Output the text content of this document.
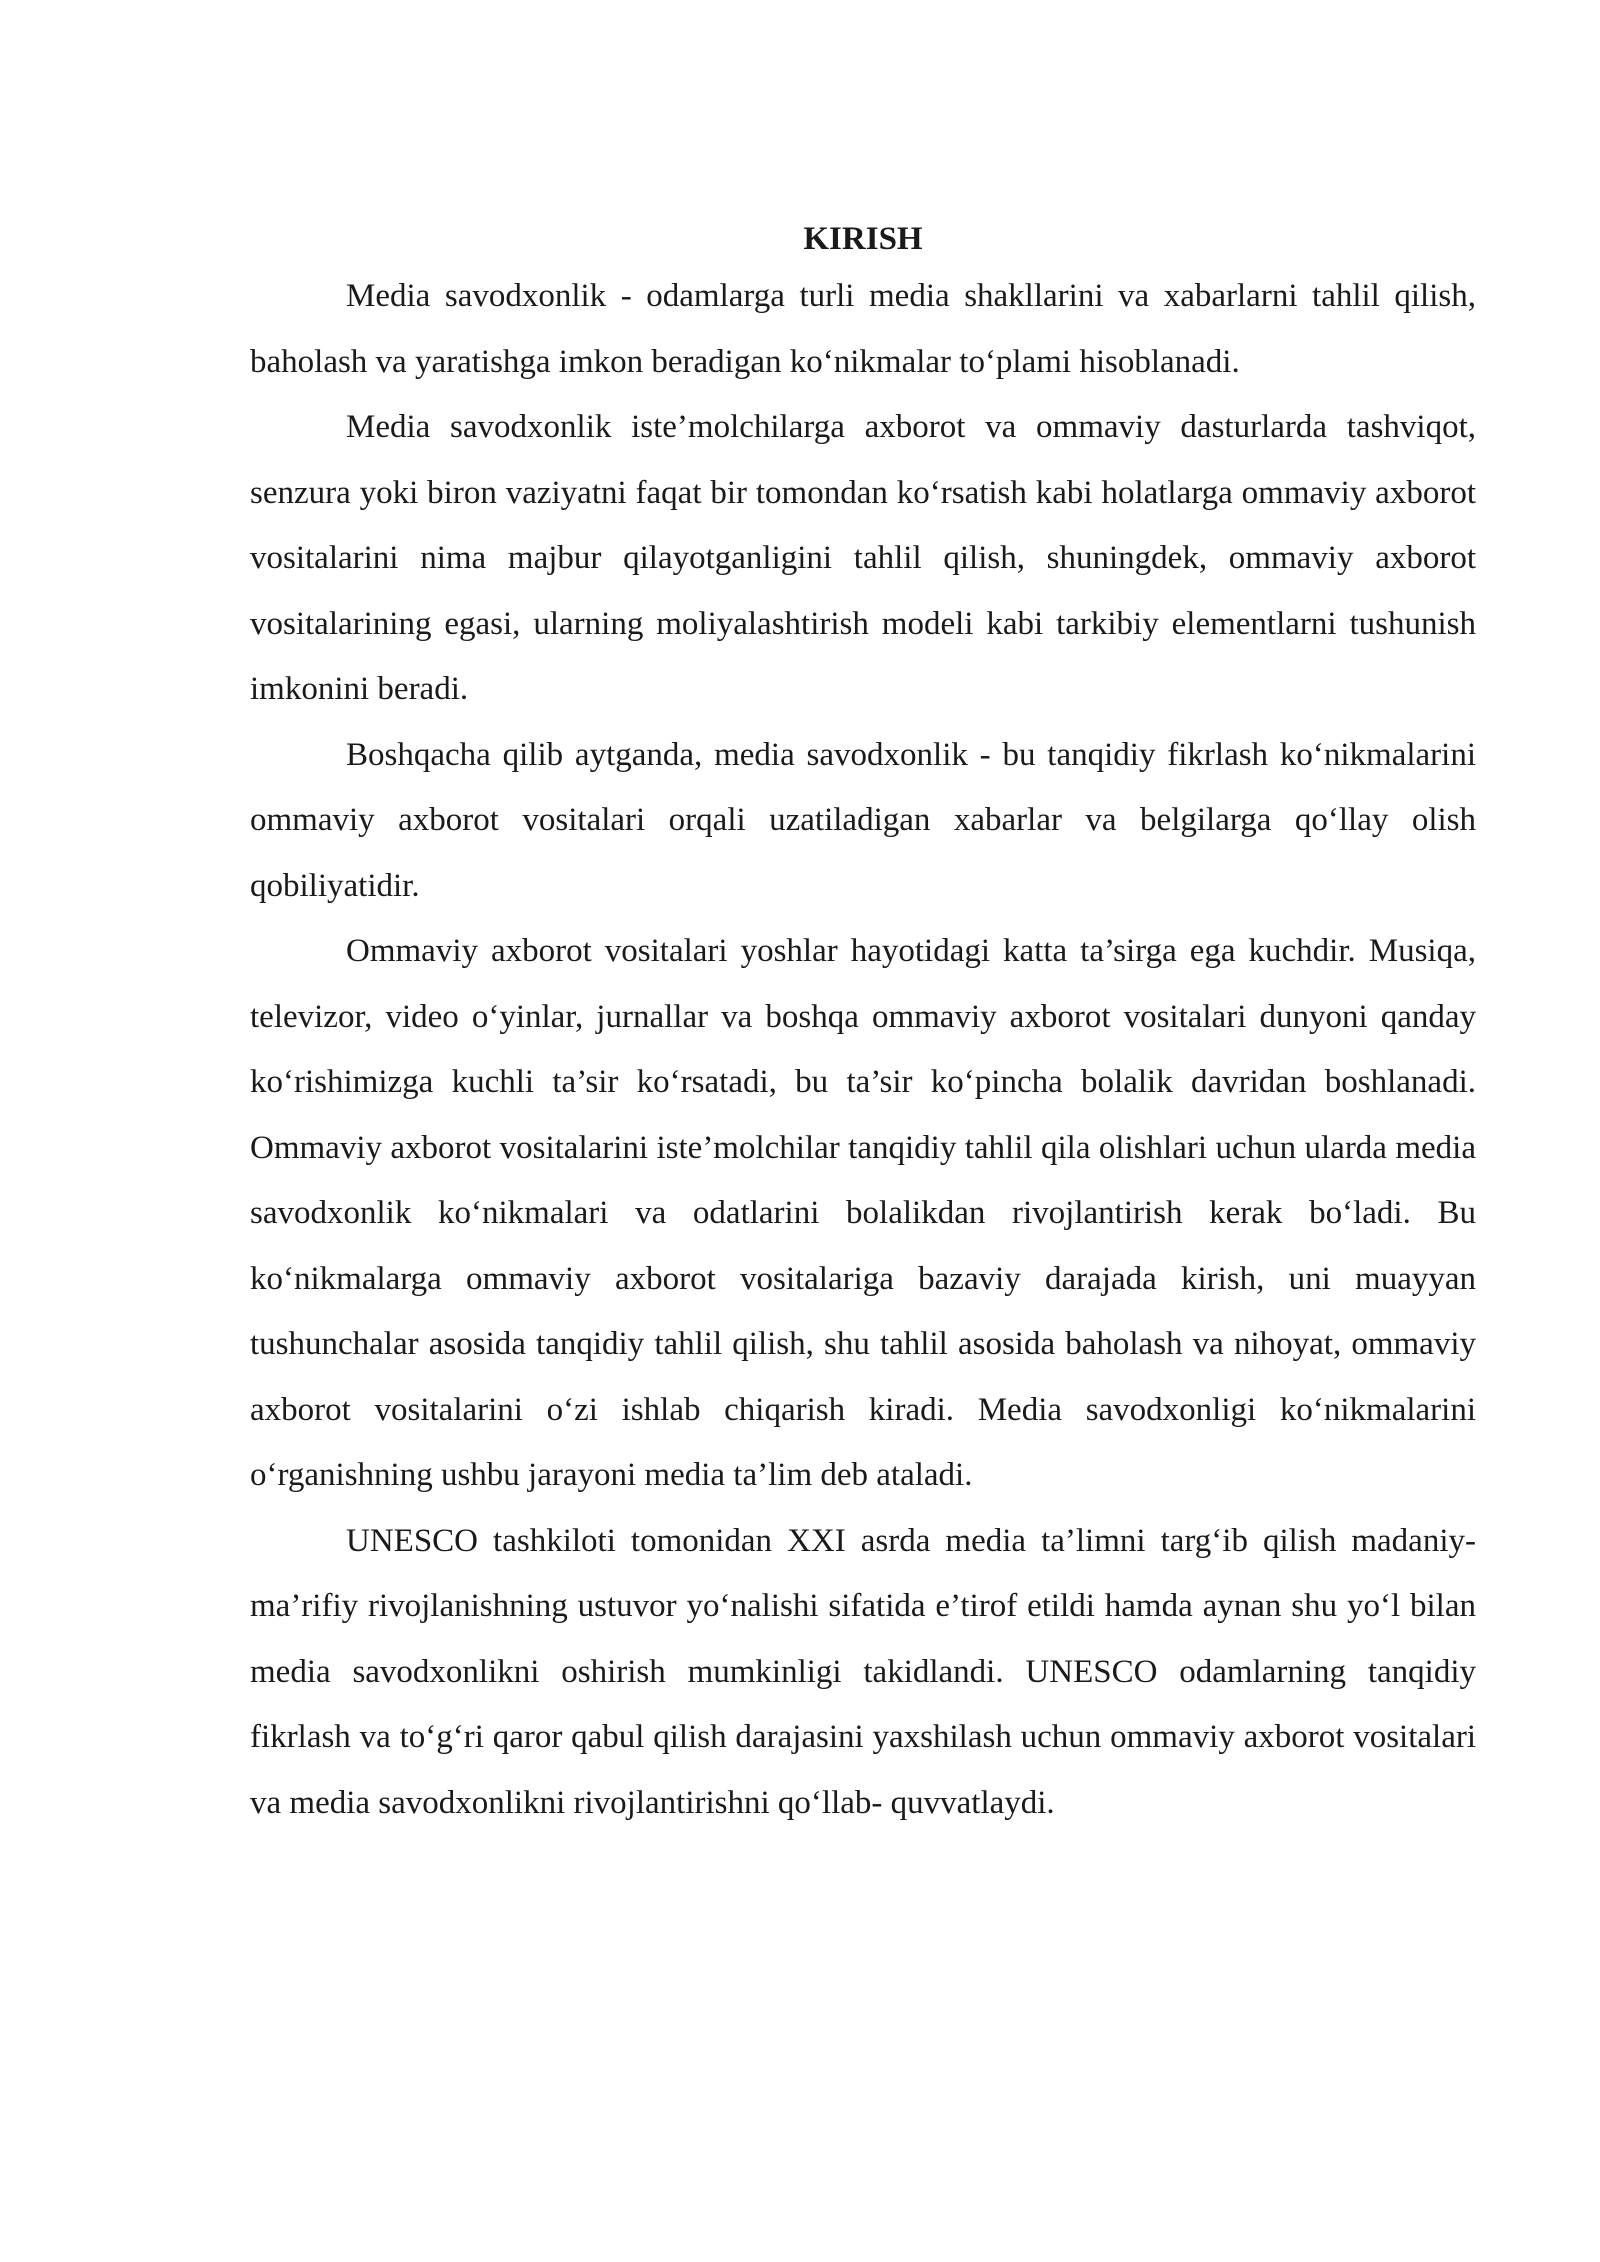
KIRISH

Media savodxonlik - odamlarga turli media shakllarini va xabarlarni tahlil qilish, baholash va yaratishga imkon beradigan ko‘nikmalar to‘plami hisoblanadi.

Media savodxonlik iste’molchilarga axborot va ommaviy dasturlarda tashviqot, senzura yoki biron vaziyatni faqat bir tomondan ko‘rsatish kabi holatlarga ommaviy axborot vositalarini nima majbur qilayotganligini tahlil qilish, shuningdek, ommaviy axborot vositalarining egasi, ularning moliyalashtirish modeli kabi tarkibiy elementlarni tushunish imkonini beradi.

Boshqacha qilib aytganda, media savodxonlik - bu tanqidiy fikrlash ko‘nikmalarini ommaviy axborot vositalari orqali uzatiladigan xabarlar va belgilarga qo‘llay olish qobiliyatidir.

Ommaviy axborot vositalari yoshlar hayotidagi katta ta’sirga ega kuchdir. Musiqa, televizor, video o‘yinlar, jurnallar va boshqa ommaviy axborot vositalari dunyoni qanday ko‘rishimizga kuchli ta’sir ko‘rsatadi, bu ta’sir ko‘pincha bolalik davridan boshlanadi. Ommaviy axborot vositalarini iste’molchilar tanqidiy tahlil qila olishlari uchun ularda media savodxonlik ko‘nikmalari va odatlarini bolalikdan rivojlantirish kerak bo‘ladi. Bu ko‘nikmalarga ommaviy axborot vositalariga bazaviy darajada kirish, uni muayyan tushunchalar asosida tanqidiy tahlil qilish, shu tahlil asosida baholash va nihoyat, ommaviy axborot vositalarini o‘zi ishlab chiqarish kiradi. Media savodxonligi ko‘nikmalarini o‘rganishning ushbu jarayoni media ta’lim deb ataladi.

UNESCO tashkiloti tomonidan XXI asrda media ta’limni targ‘ib qilish madaniy-ma’rifiy rivojlanishning ustuvor yo‘nalishi sifatida e’tirof etildi hamda aynan shu yo‘l bilan media savodxonlikni oshirish mumkinligi takidlandi. UNESCO odamlarning tanqidiy fikrlash va to‘g‘ri qaror qabul qilish darajasini yaxshilash uchun ommaviy axborot vositalari va media savodxonlikni rivojlantirishni qo‘llab- quvvatlaydi.
